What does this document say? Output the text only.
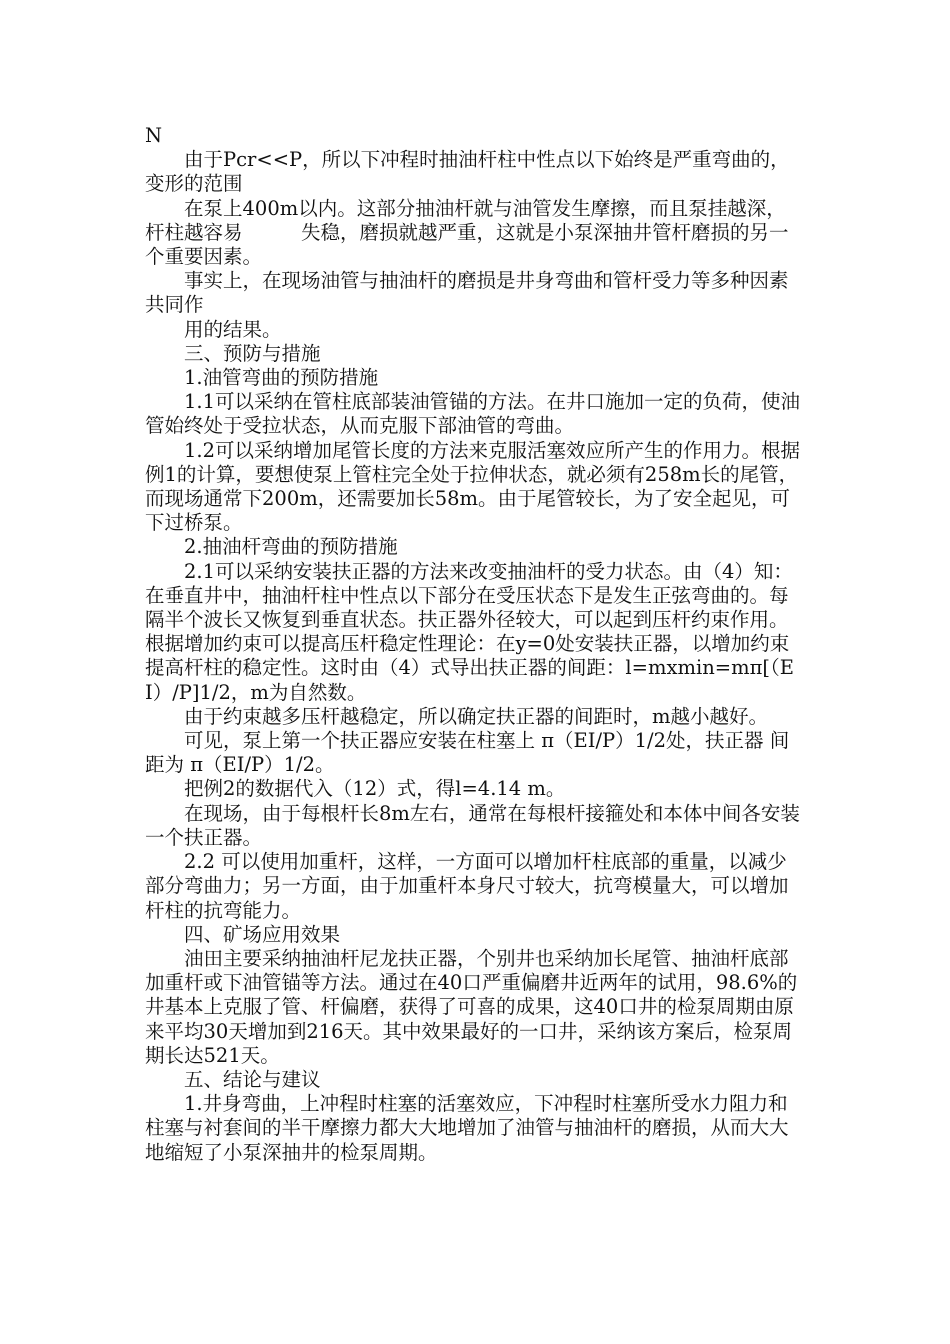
N

由于Pcr<<P，所以下冲程时抽油杆柱中性点以下始终是严重弯曲的，变形的范围

在泵上400m以内。这部分抽油杆就与油管发生摩擦，而且泵挂越深，杆柱越容易　　　失稳，磨损就越严重，这就是小泵深抽井管杆磨损的另一个重要因素。

事实上，在现场油管与抽油杆的磨损是井身弯曲和管杆受力等多种因素共同作

用的结果。

三、预防与措施

1.油管弯曲的预防措施

1.1可以采纳在管柱底部装油管锚的方法。在井口施加一定的负荷，使油管始终处于受拉状态，从而克服下部油管的弯曲。

1.2可以采纳增加尾管长度的方法来克服活塞效应所产生的作用力。根据例1的计算，要想使泵上管柱完全处于拉伸状态，就必须有258m长的尾管，而现场通常下200m，还需要加长58m。由于尾管较长，为了安全起见，可下过桥泵。

2.抽油杆弯曲的预防措施

2.1可以采纳安装扶正器的方法来改变抽油杆的受力状态。由（4）知：在垂直井中，抽油杆柱中性点以下部分在受压状态下是发生正弦弯曲的。每隔半个波长又恢复到垂直状态。扶正器外径较大，可以起到压杆约束作用。根据增加约束可以提高压杆稳定性理论：在y=0处安装扶正器，以增加约束提高杆柱的稳定性。这时由（4）式导出扶正器的间距：l=mxmin=mπ[（EI）/P]1/2，m为自然数。

由于约束越多压杆越稳定，所以确定扶正器的间距时，m越小越好。

可见，泵上第一个扶正器应安装在柱塞上 π（EI/P）1/2处，扶正器 间距为 π（EI/P）1/2。

把例2的数据代入（12）式，得l=4.14 m。

在现场，由于每根杆长8m左右，通常在每根杆接箍处和本体中间各安装一个扶正器。

2.2 可以使用加重杆，这样，一方面可以增加杆柱底部的重量，以减少部分弯曲力；另一方面，由于加重杆本身尺寸较大，抗弯模量大，可以增加杆柱的抗弯能力。

四、矿场应用效果

油田主要采纳抽油杆尼龙扶正器，个别井也采纳加长尾管、抽油杆底部加重杆或下油管锚等方法。通过在40口严重偏磨井近两年的试用，98.6%的井基本上克服了管、杆偏磨，获得了可喜的成果，这40口井的检泵周期由原来平均30天增加到216天。其中效果最好的一口井，采纳该方案后，检泵周期长达521天。

五、结论与建议

1.井身弯曲，上冲程时柱塞的活塞效应，下冲程时柱塞所受水力阻力和柱塞与衬套间的半干摩擦力都大大地增加了油管与抽油杆的磨损，从而大大地缩短了小泵深抽井的检泵周期。
